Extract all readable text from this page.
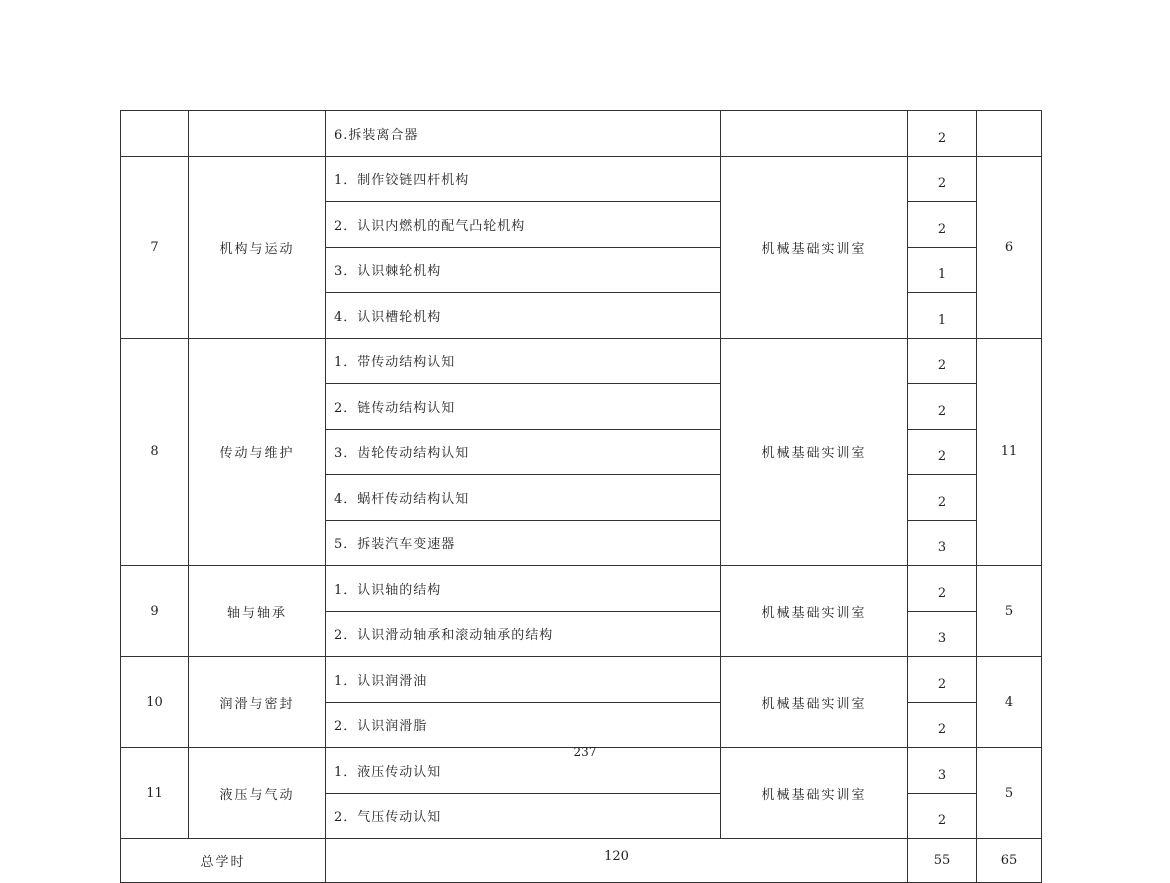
		6.拆装离合器		2	
7	机构与运动	1．制作铰链四杆机构	机械基础实训室	2	6
		2．认识内燃机的配气凸轮机构		2	
		3．认识棘轮机构		1	
		4．认识槽轮机构		1	
8	传动与维护	1．带传动结构认知	机械基础实训室	2	11
		2．链传动结构认知		2	
		3．齿轮传动结构认知		2	
		4．蜗杆传动结构认知		2	
		5．拆装汽车变速器		3	
9	轴与轴承	1．认识轴的结构	机械基础实训室	2	5
		2．认识滑动轴承和滚动轴承的结构		3	
10	润滑与密封	1．认识润滑油	机械基础实训室	2	4
		2．认识润滑脂		2	
11	液压与气动	1．液压传动认知	机械基础实训室	3	5
		2．气压传动认知		2	
总学时		120		55	65
237
